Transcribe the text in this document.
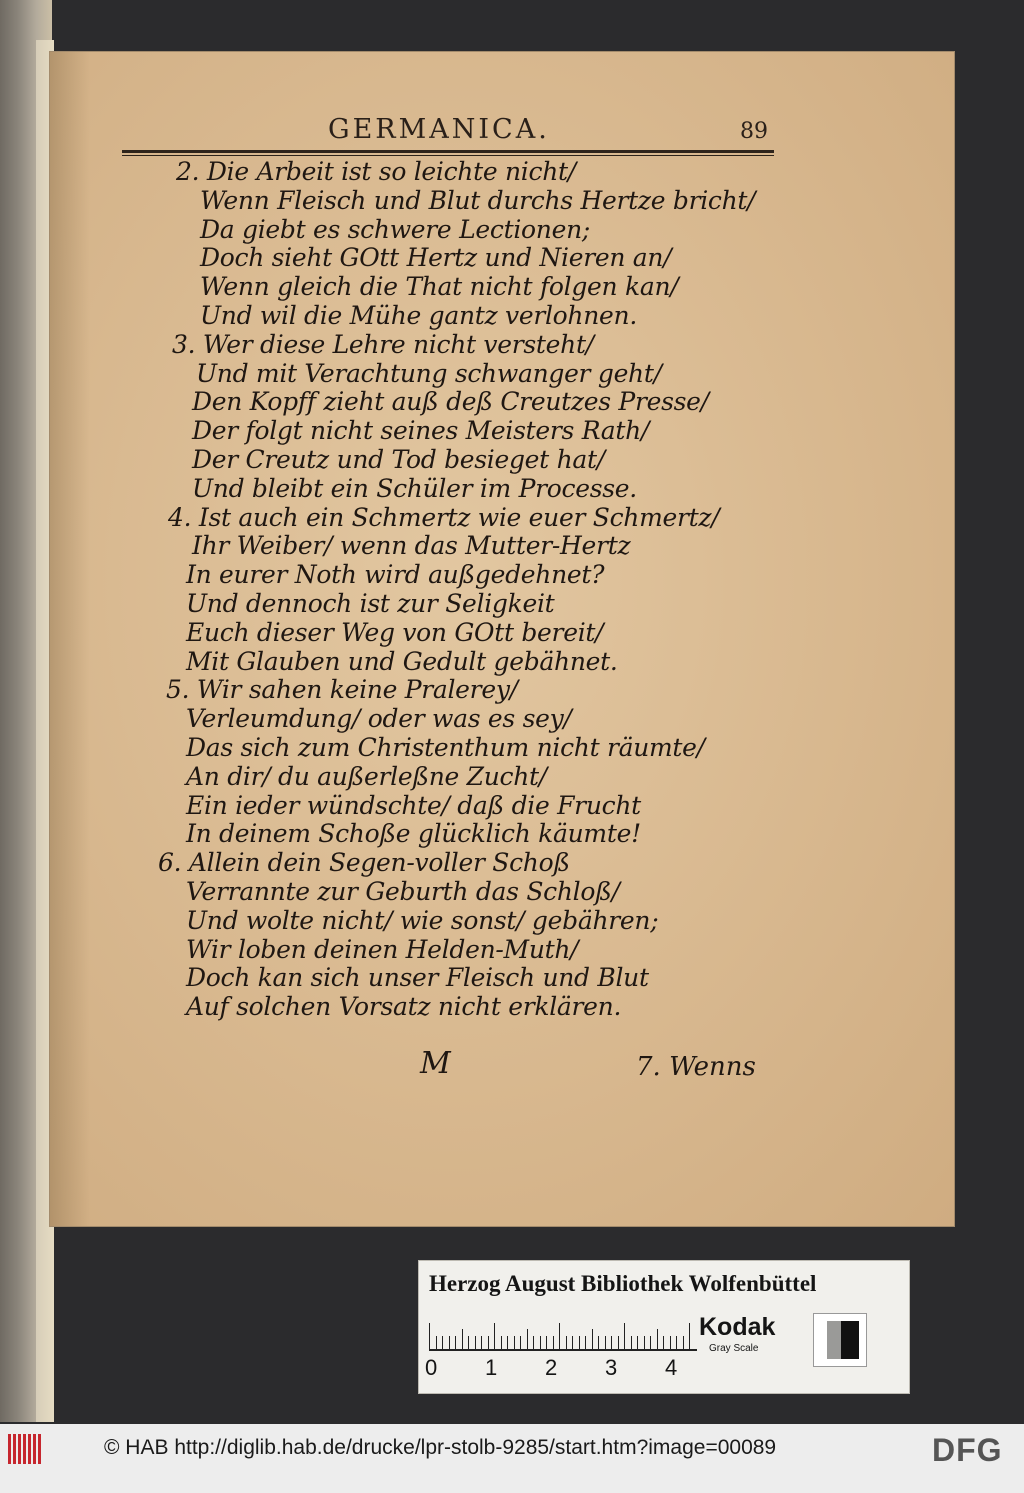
GERMANICA.	89
2. Die Arbeit ist so leichte nicht/
Wenn Fleisch und Blut durchs Hertze bricht/
Da giebt es schwere Lectionen;
Doch sieht GOtt Hertz und Nieren an/
Wenn gleich die That nicht folgen kan/
Und wil die Mühe gantz verlohnen.
3. Wer diese Lehre nicht versteht/
Und mit Verachtung schwanger geht/
Den Kopff zieht auß deß Creutzes Presse/
Der folgt nicht seines Meisters Rath/
Der Creutz und Tod besieget hat/
Und bleibt ein Schüler im Processe.
4. Ist auch ein Schmertz wie euer Schmertz/
Ihr Weiber/ wenn das Mutter-Hertz
In eurer Noth wird außgedehnet?
Und dennoch ist zur Seligkeit
Euch dieser Weg von GOtt bereit/
Mit Glauben und Gedult gebähnet.
5. Wir sahen keine Pralerey/
Verleumdung/ oder was es sey/
Das sich zum Christenthum nicht räumte/
An dir/ du außerleßne Zucht/
Ein ieder wündschte/ daß die Frucht
In deinem Schoße glücklich käumte!
6. Allein dein Segen-voller Schoß
Verrannte zur Geburth das Schloß/
Und wolte nicht/ wie sonst/ gebähren;
Wir loben deinen Helden-Muth/
Doch kan sich unser Fleisch und Blut
Auf solchen Vorsatz nicht erklären.
M	7. Wenns
Herzog August Bibliothek Wolfenbüttel
0 1 2 3 4
Kodak
Gray Scale
© HAB http://diglib.hab.de/drucke/lpr-stolb-9285/start.htm?image=00089	DFG
